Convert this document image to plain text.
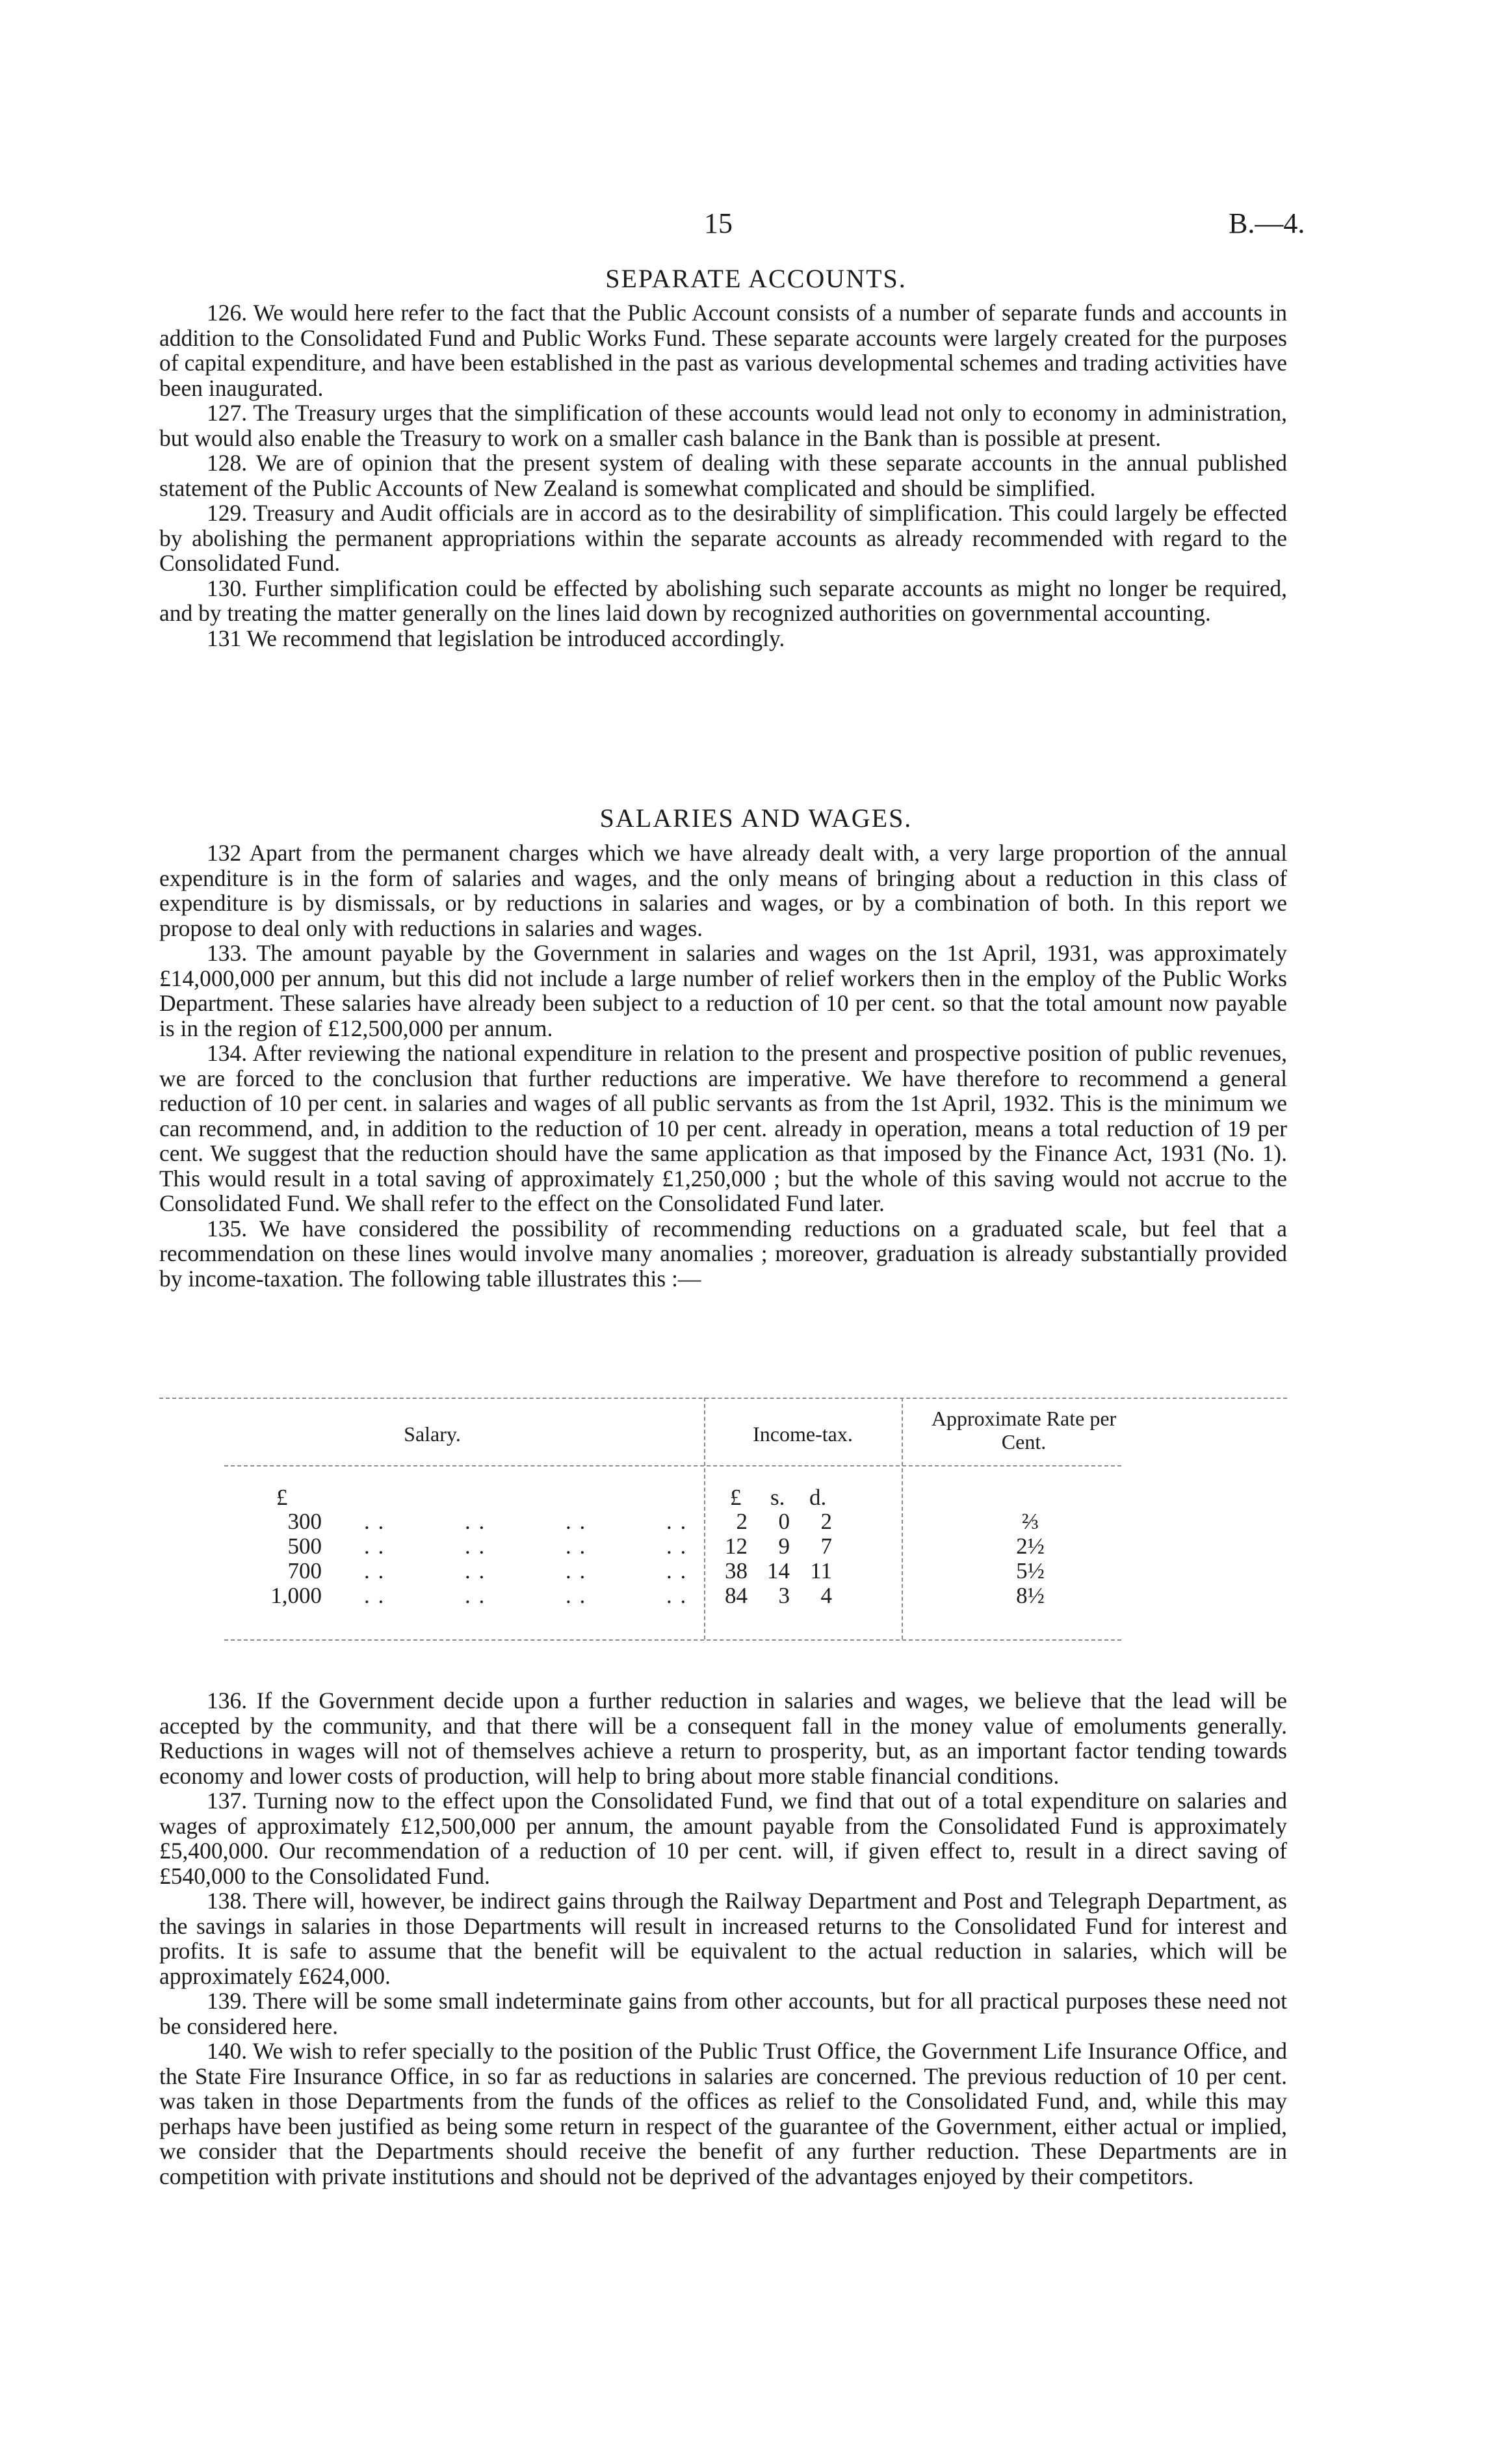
15	B.—4.
SEPARATE ACCOUNTS.

126. We would here refer to the fact that the Public Account consists of a number of separate funds and accounts in addition to the Consolidated Fund and Public Works Fund. These separate accounts were largely created for the purposes of capital expenditure, and have been established in the past as various developmental schemes and trading activities have been inaugurated.

127. The Treasury urges that the simplification of these accounts would lead not only to economy in administration, but would also enable the Treasury to work on a smaller cash balance in the Bank than is possible at present.

128. We are of opinion that the present system of dealing with these separate accounts in the annual published statement of the Public Accounts of New Zealand is somewhat complicated and should be simplified.

129. Treasury and Audit officials are in accord as to the desirability of simplification. This could largely be effected by abolishing the permanent appropriations within the separate accounts as already recommended with regard to the Consolidated Fund.

130. Further simplification could be effected by abolishing such separate accounts as might no longer be required, and by treating the matter generally on the lines laid down by recognized authorities on governmental accounting.

131 We recommend that legislation be introduced accordingly.

SALARIES AND WAGES.

132 Apart from the permanent charges which we have already dealt with, a very large proportion of the annual expenditure is in the form of salaries and wages, and the only means of bringing about a reduction in this class of expenditure is by dismissals, or by reductions in salaries and wages, or by a combination of both. In this report we propose to deal only with reductions in salaries and wages.

133. The amount payable by the Government in salaries and wages on the 1st April, 1931, was approximately £14,000,000 per annum, but this did not include a large number of relief workers then in the employ of the Public Works Department. These salaries have already been subject to a reduction of 10 per cent. so that the total amount now payable is in the region of £12,500,000 per annum.

134. After reviewing the national expenditure in relation to the present and prospective position of public revenues, we are forced to the conclusion that further reductions are imperative. We have therefore to recommend a general reduction of 10 per cent. in salaries and wages of all public servants as from the 1st April, 1932. This is the minimum we can recommend, and, in addition to the reduction of 10 per cent. already in operation, means a total reduction of 19 per cent. We suggest that the reduction should have the same application as that imposed by the Finance Act, 1931 (No. 1). This would result in a total saving of approximately £1,250,000 ; but the whole of this saving would not accrue to the Consolidated Fund. We shall refer to the effect on the Consolidated Fund later.

135. We have considered the possibility of recommending reductions on a graduated scale, but feel that a recommendation on these lines would involve many anomalies ; moreover, graduation is already substantially provided by income-taxation. The following table illustrates this :—

Salary.	Income-tax.
Approximate Rate per Cent.
£	£ s. d.
300 . .	. .	. .	. .	2	0	2	⅔
500 . .	. .	. .	. .	12	9	7	2½
700 . .	. .	. .	. .	38 14 11	5½
1,000 . .	. .	. .	. .	84	3	4	8½

136. If the Government decide upon a further reduction in salaries and wages, we believe that the lead will be accepted by the community, and that there will be a consequent fall in the money value of emoluments generally. Reductions in wages will not of themselves achieve a return to prosperity, but, as an important factor tending towards economy and lower costs of production, will help to bring about more stable financial conditions.

137. Turning now to the effect upon the Consolidated Fund, we find that out of a total expenditure on salaries and wages of approximately £12,500,000 per annum, the amount payable from the Consolidated Fund is approximately £5,400,000. Our recommendation of a reduction of 10 per cent. will, if given effect to, result in a direct saving of £540,000 to the Consolidated Fund.

138. There will, however, be indirect gains through the Railway Department and Post and Telegraph Department, as the savings in salaries in those Departments will result in increased returns to the Consolidated Fund for interest and profits. It is safe to assume that the benefit will be equivalent to the actual reduction in salaries, which will be approximately £624,000.

139. There will be some small indeterminate gains from other accounts, but for all practical purposes these need not be considered here.

140. We wish to refer specially to the position of the Public Trust Office, the Government Life Insurance Office, and the State Fire Insurance Office, in so far as reductions in salaries are concerned. The previous reduction of 10 per cent. was taken in those Departments from the funds of the offices as relief to the Consolidated Fund, and, while this may perhaps have been justified as being some return in respect of the guarantee of the Government, either actual or implied, we consider that the Departments should receive the benefit of any further reduction. These Departments are in competition with private institutions and should not be deprived of the advantages enjoyed by their competitors.
